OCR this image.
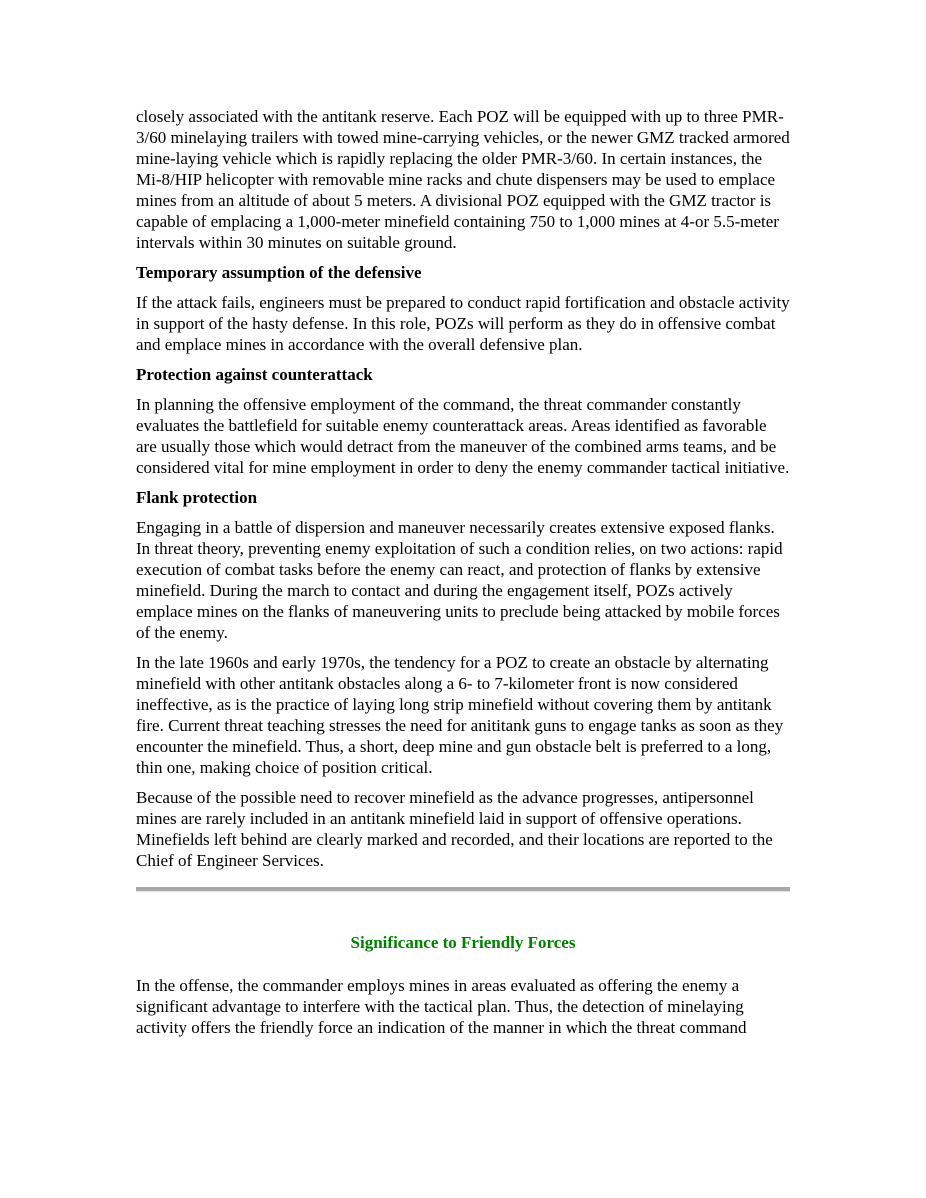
closely associated with the antitank reserve. Each POZ will be equipped with up to three PMR-3/60 minelaying trailers with towed mine-carrying vehicles, or the newer GMZ tracked armored mine-laying vehicle which is rapidly replacing the older PMR-3/60. In certain instances, the Mi-8/HIP helicopter with removable mine racks and chute dispensers may be used to emplace mines from an altitude of about 5 meters. A divisional POZ equipped with the GMZ tractor is capable of emplacing a 1,000-meter minefield containing 750 to 1,000 mines at 4-or 5.5-meter intervals within 30 minutes on suitable ground.

Temporary assumption of the defensive

If the attack fails, engineers must be prepared to conduct rapid fortification and obstacle activity in support of the hasty defense. In this role, POZs will perform as they do in offensive combat and emplace mines in accordance with the overall defensive plan.

Protection against counterattack

In planning the offensive employment of the command, the threat commander constantly evaluates the battlefield for suitable enemy counterattack areas. Areas identified as favorable are usually those which would detract from the maneuver of the combined arms teams, and be considered vital for mine employment in order to deny the enemy commander tactical initiative.

Flank protection

Engaging in a battle of dispersion and maneuver necessarily creates extensive exposed flanks. In threat theory, preventing enemy exploitation of such a condition relies, on two actions: rapid execution of combat tasks before the enemy can react, and protection of flanks by extensive minefield. During the march to contact and during the engagement itself, POZs actively emplace mines on the flanks of maneuvering units to preclude being attacked by mobile forces of the enemy.

In the late 1960s and early 1970s, the tendency for a POZ to create an obstacle by alternating minefield with other antitank obstacles along a 6- to 7-kilometer front is now considered ineffective, as is the practice of laying long strip minefield without covering them by antitank fire. Current threat teaching stresses the need for anititank guns to engage tanks as soon as they encounter the minefield. Thus, a short, deep mine and gun obstacle belt is preferred to a long, thin one, making choice of position critical.

Because of the possible need to recover minefield as the advance progresses, antipersonnel mines are rarely included in an antitank minefield laid in support of offensive operations. Minefields left behind are clearly marked and recorded, and their locations are reported to the Chief of Engineer Services.

Significance to Friendly Forces

In the offense, the commander employs mines in areas evaluated as offering the enemy a significant advantage to interfere with the tactical plan. Thus, the detection of minelaying activity offers the friendly force an indication of the manner in which the threat command
